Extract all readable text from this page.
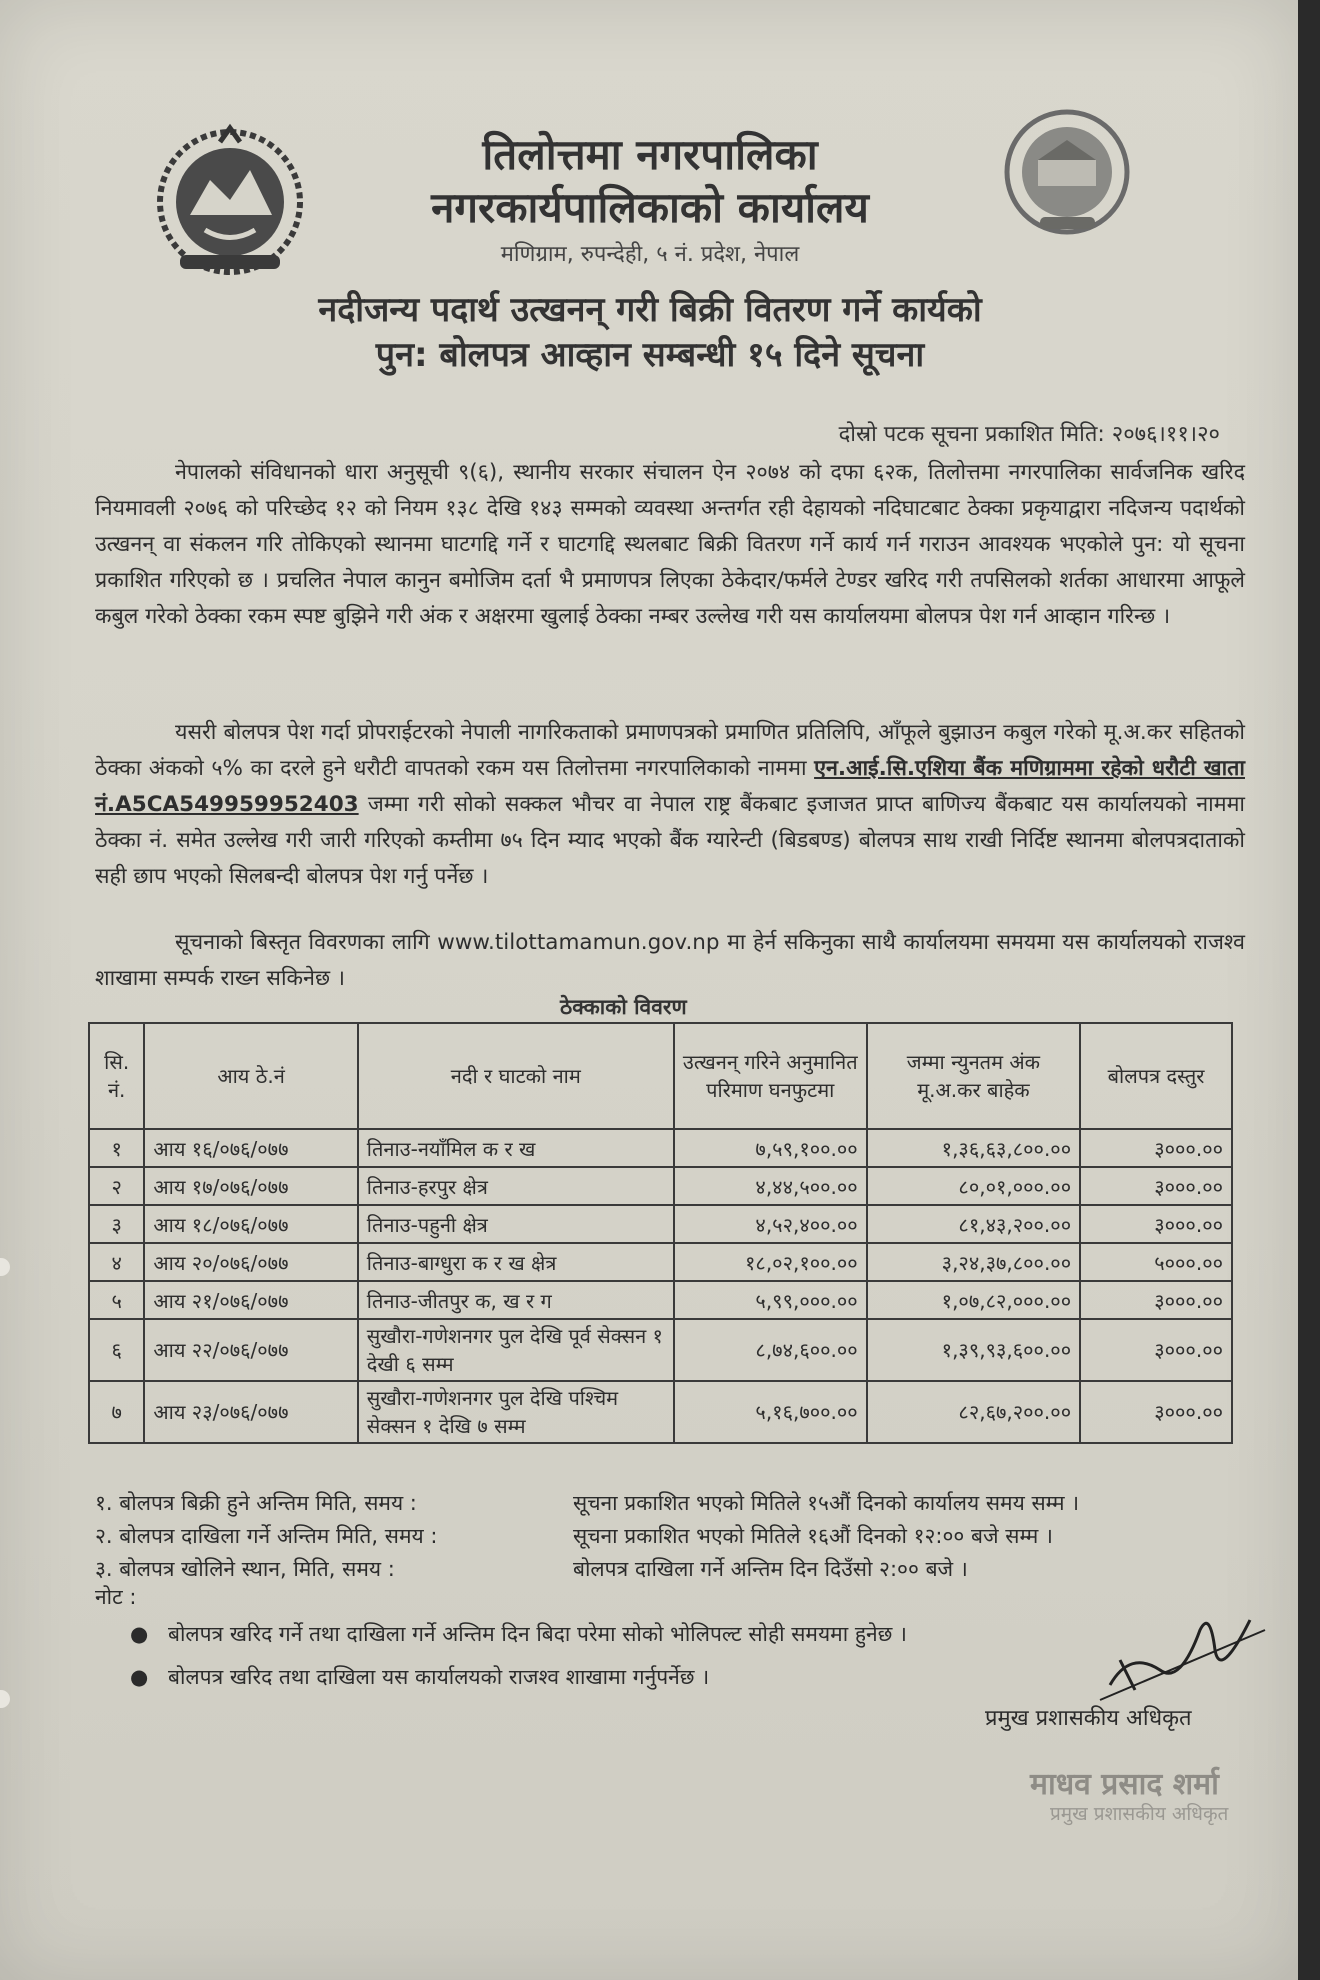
तिलोत्तमा नगरपालिका
नगरकार्यपालिकाको कार्यालय
मणिग्राम, रुपन्देही, ५ नं. प्रदेश, नेपाल
नदीजन्य पदार्थ उत्खनन् गरी बिक्री वितरण गर्ने कार्यको
पुन: बोलपत्र आव्हान सम्बन्धी १५ दिने सूचना
दोस्रो पटक सूचना प्रकाशित मिति: २०७६।११।२०
नेपालको संविधानको धारा अनुसूची ९(६), स्थानीय सरकार संचालन ऐन २०७४ को दफा ६२क, तिलोत्तमा नगरपालिका सार्वजनिक खरिद नियमावली २०७६ को परिच्छेद १२ को नियम १३८ देखि १४३ सम्मको व्यवस्था अन्तर्गत रही देहायको नदिघाटबाट ठेक्का प्रकृयाद्वारा नदिजन्य पदार्थको उत्खनन् वा संकलन गरि तोकिएको स्थानमा घाटगद्दि गर्ने र घाटगद्दि स्थलबाट बिक्री वितरण गर्ने कार्य गर्न गराउन आवश्यक भएकोले पुन: यो सूचना प्रकाशित गरिएको छ । प्रचलित नेपाल कानुन बमोजिम दर्ता भै प्रमाणपत्र लिएका ठेकेदार/फर्मले टेण्डर खरिद गरी तपसिलको शर्तका आधारमा आफूले कबुल गरेको ठेक्का रकम स्पष्ट बुझिने गरी अंक र अक्षरमा खुलाई ठेक्का नम्बर उल्लेख गरी यस कार्यालयमा बोलपत्र पेश गर्न आव्हान गरिन्छ ।
यसरी बोलपत्र पेश गर्दा प्रोपराईटरको नेपाली नागरिकताको प्रमाणपत्रको प्रमाणित प्रतिलिपि, आँफूले बुझाउन कबुल गरेको मू.अ.कर सहितको ठेक्का अंकको ५% का दरले हुने धरौटी वापतको रकम यस तिलोत्तमा नगरपालिकाको नाममा एन.आई.सि.एशिया बैंक मणिग्राममा रहेको धरौटी खाता नं.A5CA549959952403 जम्मा गरी सोको सक्कल भौचर वा नेपाल राष्ट्र बैंकबाट इजाजत प्राप्त बाणिज्य बैंकबाट यस कार्यालयको नाममा ठेक्का नं. समेत उल्लेख गरी जारी गरिएको कम्तीमा ७५ दिन म्याद भएको बैंक ग्यारेन्टी (बिडबण्ड) बोलपत्र साथ राखी निर्दिष्ट स्थानमा बोलपत्रदाताको सही छाप भएको सिलबन्दी बोलपत्र पेश गर्नु पर्नेछ ।
सूचनाको बिस्तृत विवरणका लागि www.tilottamamun.gov.np मा हेर्न सकिनुका साथै कार्यालयमा समयमा यस कार्यालयको राजश्व शाखामा सम्पर्क राख्न सकिनेछ ।
ठेक्काको विवरण
सि. नं.	आय ठे.नं	नदी र घाटको नाम	उत्खनन् गरिने अनुमानित परिमाण घनफुटमा	जम्मा न्युनतम अंक मू.अ.कर बाहेक	बोलपत्र दस्तुर
१	आय १६/०७६/०७७	तिनाउ-नयाँमिल क र ख	७,५९,१००.००	१,३६,६३,८००.००	३०००.००
२	आय १७/०७६/०७७	तिनाउ-हरपुर क्षेत्र	४,४४,५००.००	८०,०१,०००.००	३०००.००
३	आय १८/०७६/०७७	तिनाउ-पहुनी क्षेत्र	४,५२,४००.००	८१,४३,२००.००	३०००.००
४	आय २०/०७६/०७७	तिनाउ-बाग्धुरा क र ख क्षेत्र	१८,०२,१००.००	३,२४,३७,८००.००	५०००.००
५	आय २१/०७६/०७७	तिनाउ-जीतपुर क, ख र ग	५,९९,०००.००	१,०७,८२,०००.००	३०००.००
६	आय २२/०७६/०७७	सुखौरा-गणेशनगर पुल देखि पूर्व सेक्सन १ देखी ६ सम्म	८,७४,६००.००	१,३९,९३,६००.००	३०००.००
७	आय २३/०७६/०७७	सुखौरा-गणेशनगर पुल देखि पश्चिम सेक्सन १ देखि ७ सम्म	५,१६,७००.००	८२,६७,२००.००	३०००.००
१. बोलपत्र बिक्री हुने अन्तिम मिति, समय :	सूचना प्रकाशित भएको मितिले १५औं दिनको कार्यालय समय सम्म ।
२. बोलपत्र दाखिला गर्ने अन्तिम मिति, समय :	सूचना प्रकाशित भएको मितिले १६औं दिनको १२:०० बजे सम्म ।
३. बोलपत्र खोलिने स्थान, मिति, समय :	बोलपत्र दाखिला गर्ने अन्तिम दिन दिउँसो २:०० बजे ।
नोट :
● बोलपत्र खरिद गर्ने तथा दाखिला गर्ने अन्तिम दिन बिदा परेमा सोको भोलिपल्ट सोही समयमा हुनेछ ।
● बोलपत्र खरिद तथा दाखिला यस कार्यालयको राजश्व शाखामा गर्नुपर्नेछ ।
प्रमुख प्रशासकीय अधिकृत
माधव प्रसाद शर्मा
प्रमुख प्रशासकीय अधिकृत
